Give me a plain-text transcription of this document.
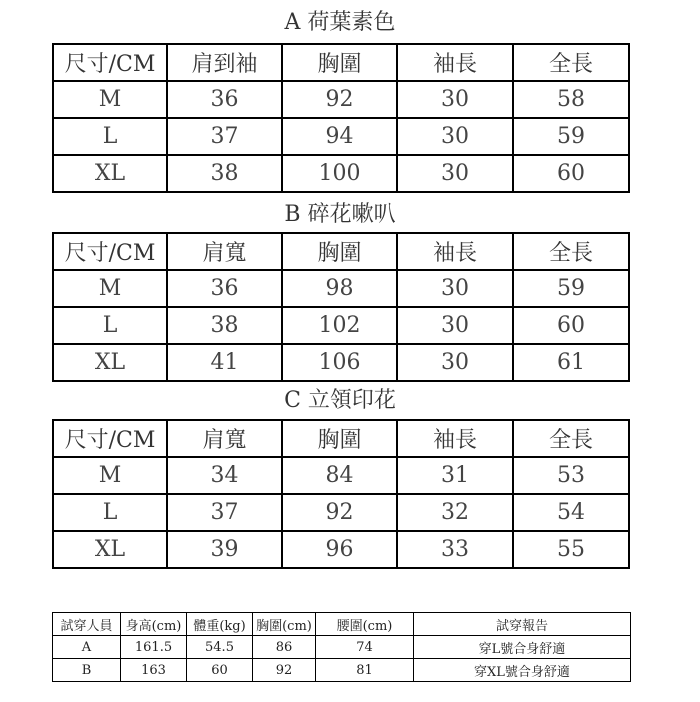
A 荷葉素色
尺寸/CM	肩到袖	胸圍	袖長	全長
M	36	92	30	58
L	37	94	30	59
XL	38	100	30	60
B 碎花嗽叭
尺寸/CM	肩寬	胸圍	袖長	全長
M	36	98	30	59
L	38	102	30	60
XL	41	106	30	61
C 立領印花
尺寸/CM	肩寬	胸圍	袖長	全長
M	34	84	31	53
L	37	92	32	54
XL	39	96	33	55
試穿人員	身高(cm)	體重(kg)	胸圍(cm)	腰圍(cm)	試穿報告
A	161.5	54.5	86	74	穿L號合身舒適
B	163	60	92	81	穿XL號合身舒適
